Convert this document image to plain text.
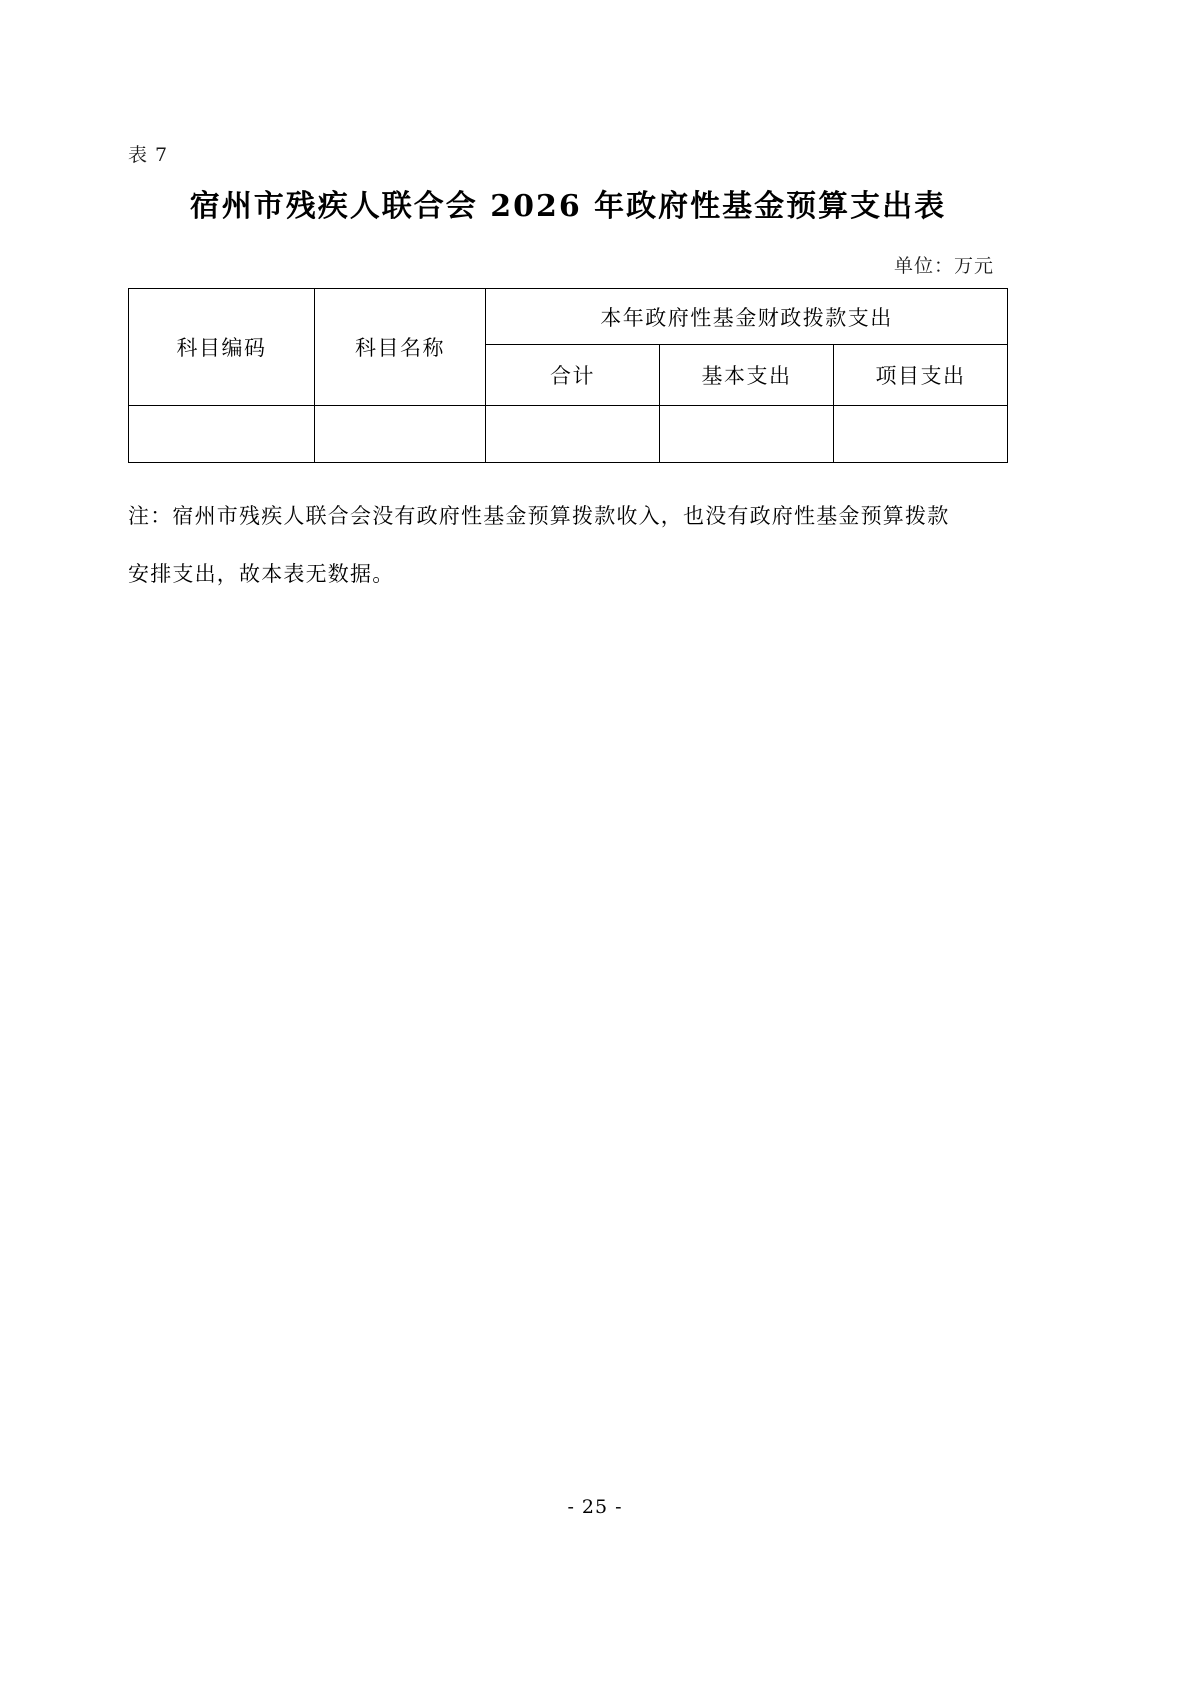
表 7
宿州市残疾人联合会 2026 年政府性基金预算支出表
单位：万元
科目编码	科目名称	本年政府性基金财政拨款支出		
		合计	基本支出	项目支出

注：宿州市残疾人联合会没有政府性基金预算拨款收入，也没有政府性基金预算拨款
安排支出，故本表无数据。
- 25 -
